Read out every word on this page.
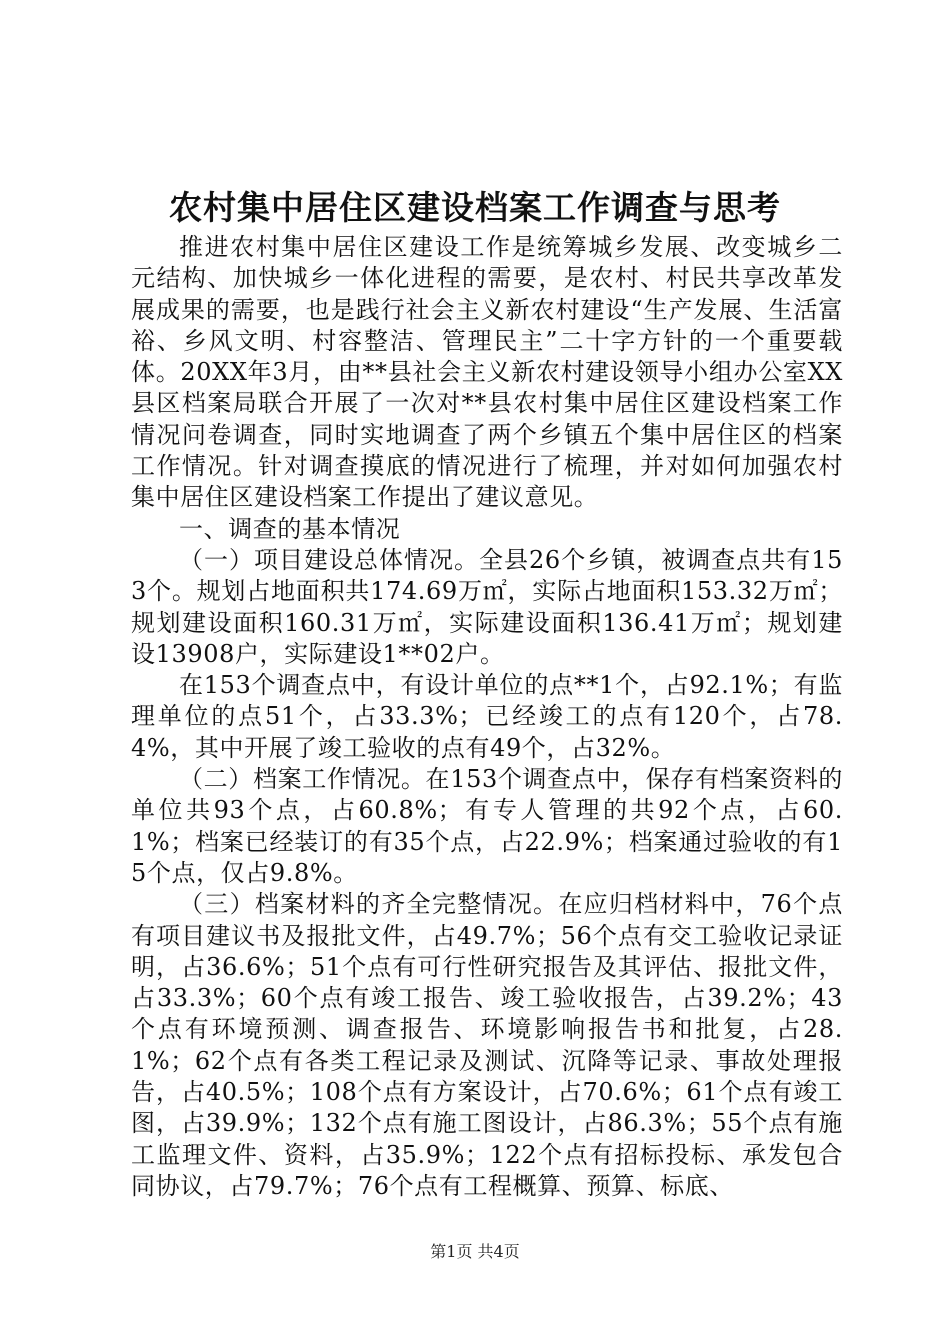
农村集中居住区建设档案工作调查与思考

推进农村集中居住区建设工作是统筹城乡发展、改变城乡二元结构、加快城乡一体化进程的需要，是农村、村民共享改革发展成果的需要，也是践行社会主义新农村建设“生产发展、生活富裕、乡风文明、村容整洁、管理民主”二十字方针的一个重要载体。20XX年3月，由**县社会主义新农村建设领导小组办公室XX县区档案局联合开展了一次对**县农村集中居住区建设档案工作情况问卷调查，同时实地调查了两个乡镇五个集中居住区的档案工作情况。针对调查摸底的情况进行了梳理，并对如何加强农村集中居住区建设档案工作提出了建议意见。

一、调查的基本情况

（一）项目建设总体情况。全县26个乡镇，被调查点共有153个。规划占地面积共174.69万㎡，实际占地面积153.32万㎡；规划建设面积160.31万㎡，实际建设面积136.41万㎡；规划建设13908户，实际建设1**02户。

在153个调查点中，有设计单位的点**1个，占92.1%；有监理单位的点51个，占33.3%；已经竣工的点有120个，占78.4%，其中开展了竣工验收的点有49个，占32%。

（二）档案工作情况。在153个调查点中，保存有档案资料的单位共93个点，占60.8%；有专人管理的共92个点，占60.1%；档案已经装订的有35个点，占22.9%；档案通过验收的有15个点，仅占9.8%。

（三）档案材料的齐全完整情况。在应归档材料中，76个点有项目建议书及报批文件，占49.7%；56个点有交工验收记录证明，占36.6%；51个点有可行性研究报告及其评估、报批文件，占33.3%；60个点有竣工报告、竣工验收报告，占39.2%；43个点有环境预测、调查报告、环境影响报告书和批复，占28.1%；62个点有各类工程记录及测试、沉降等记录、事故处理报告，占40.5%；108个点有方案设计，占70.6%；61个点有竣工图，占39.9%；132个点有施工图设计，占86.3%；55个点有施工监理文件、资料，占35.9%；122个点有招标投标、承发包合同协议，占79.7%；76个点有工程概算、预算、标底、

第1页 共4页
